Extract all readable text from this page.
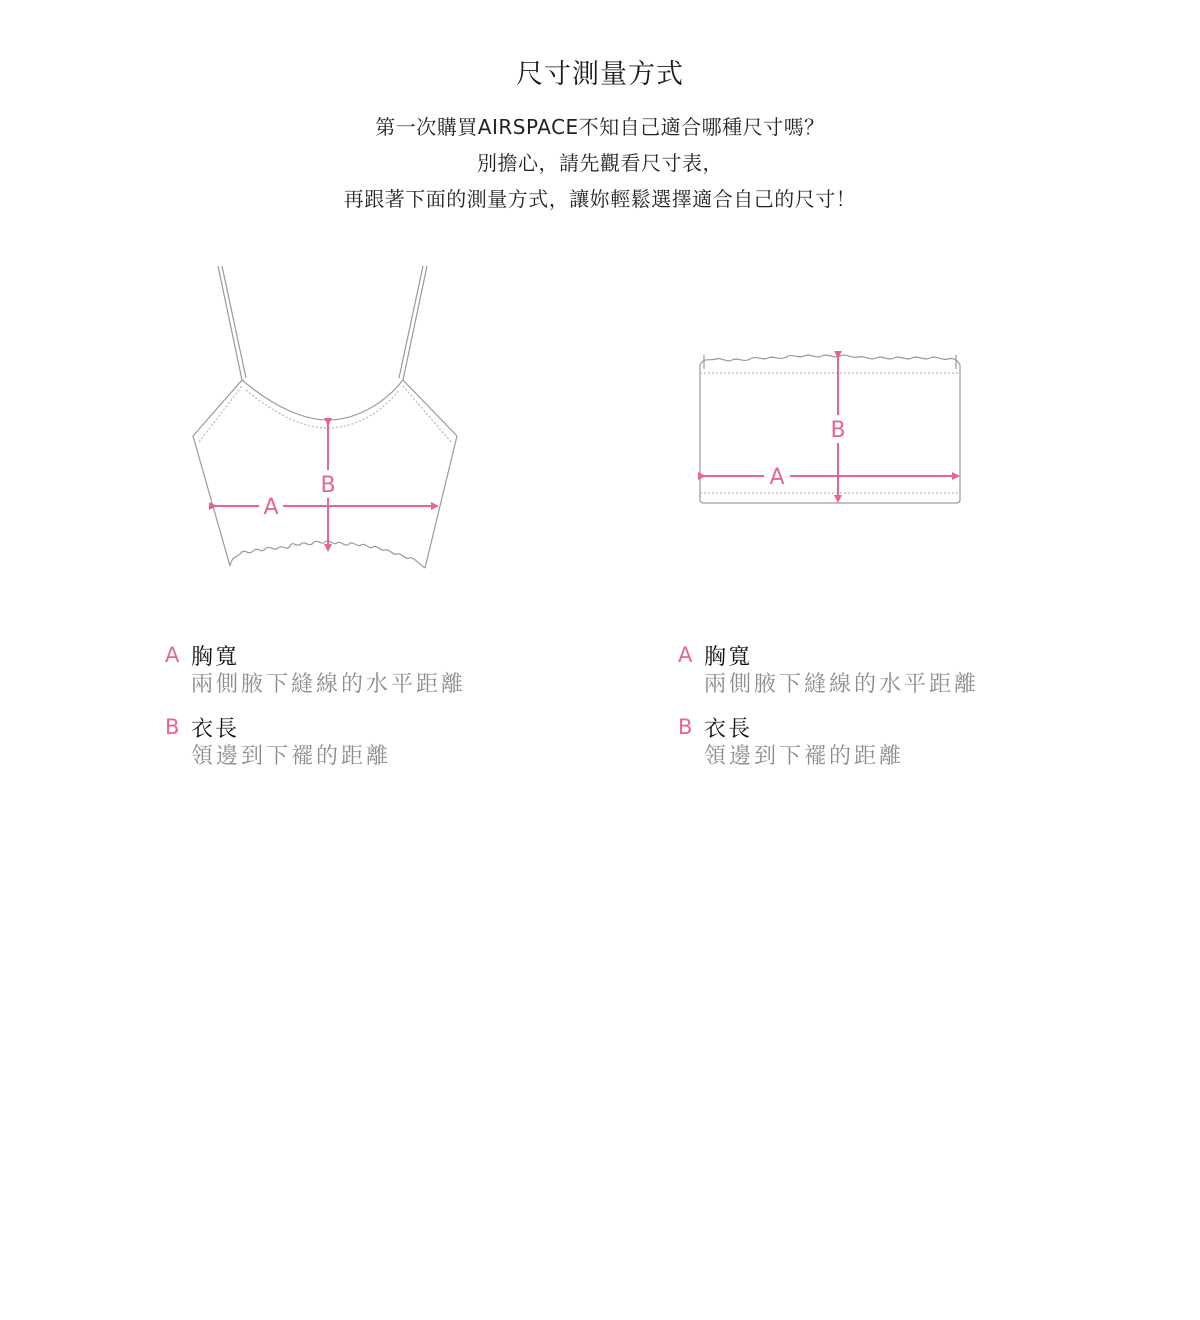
尺寸測量方式
第一次購買AIRSPACE不知自己適合哪種尺寸嗎？
別擔心，請先觀看尺寸表，
再跟著下面的測量方式，讓妳輕鬆選擇適合自己的尺寸！
A
B	A
B
A 胸寬
兩側腋下縫線的水平距離
B 衣長
領邊到下襬的距離
A 胸寬
兩側腋下縫線的水平距離
B 衣長
領邊到下襬的距離
